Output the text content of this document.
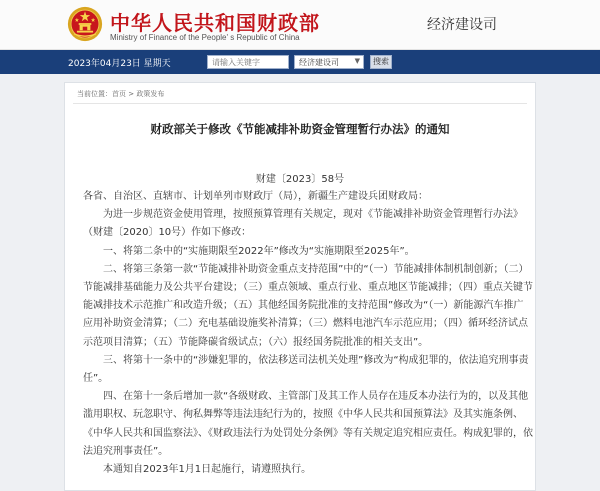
中华人民共和国财政部
Ministry of Finance of the People' s Republic of China
经济建设司
2023年04月23日 星期天
请输入关键字	经济建设司 ▼	搜索
当前位置：首页 > 政策发布
财政部关于修改《节能减排补助资金管理暂行办法》的通知
财建〔2023〕58号

各省、自治区、直辖市、计划单列市财政厅（局），新疆生产建设兵团财政局：

为进一步规范资金使用管理，按照预算管理有关规定，现对《节能减排补助资金管理暂行办法》（财建〔2020〕10号）作如下修改：

一、将第二条中的“实施期限至2022年”修改为“实施期限至2025年”。

二、将第三条第一款“节能减排补助资金重点支持范围”中的“（一）节能减排体制机制创新；（二）节能减排基础能力及公共平台建设；（三）重点领域、重点行业、重点地区节能减排；（四）重点关键节能减排技术示范推广和改造升级；（五）其他经国务院批准的支持范围”修改为“（一）新能源汽车推广应用补助资金清算；（二）充电基础设施奖补清算；（三）燃料电池汽车示范应用；（四）循环经济试点示范项目清算；（五）节能降碳省级试点；（六）报经国务院批准的相关支出”。

三、将第十一条中的“涉嫌犯罪的，依法移送司法机关处理”修改为“构成犯罪的，依法追究刑事责任”。

四、在第十一条后增加一款“各级财政、主管部门及其工作人员存在违反本办法行为的，以及其他滥用职权、玩忽职守、徇私舞弊等违法违纪行为的，按照《中华人民共和国预算法》及其实施条例、《中华人民共和国监察法》、《财政违法行为处罚处分条例》等有关规定追究相应责任。构成犯罪的，依法追究刑事责任”。

本通知自2023年1月1日起施行，请遵照执行。
